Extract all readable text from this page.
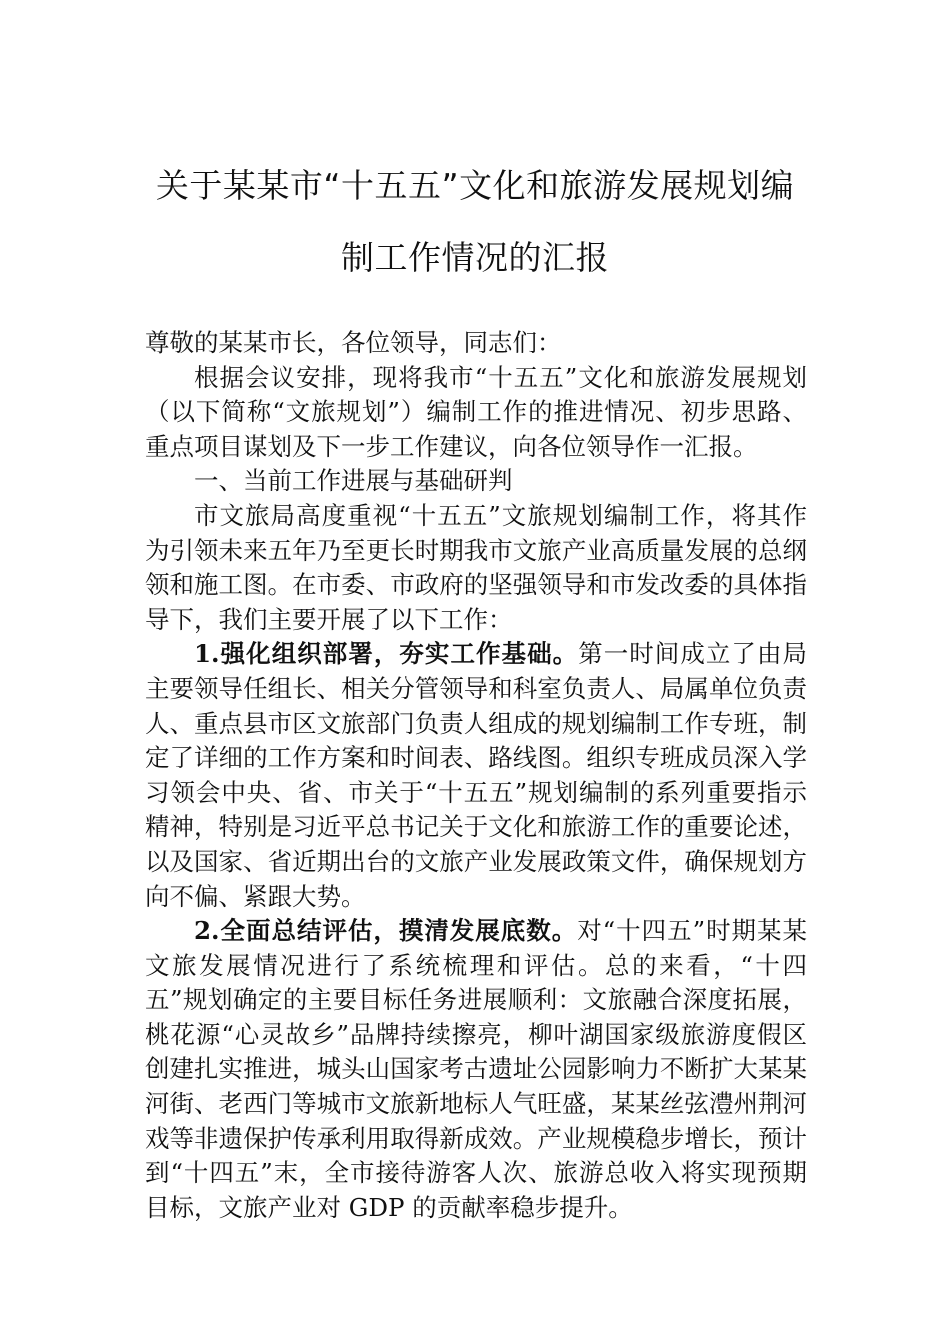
关于某某市“十五五”文化和旅游发展规划编制工作情况的汇报

尊敬的某某市长，各位领导，同志们：

根据会议安排，现将我市“十五五”文化和旅游发展规划（以下简称“文旅规划”）编制工作的推进情况、初步思路、重点项目谋划及下一步工作建议，向各位领导作一汇报。

一、当前工作进展与基础研判

市文旅局高度重视“十五五”文旅规划编制工作，将其作为引领未来五年乃至更长时期我市文旅产业高质量发展的总纲领和施工图。在市委、市政府的坚强领导和市发改委的具体指导下，我们主要开展了以下工作：

1.强化组织部署，夯实工作基础。第一时间成立了由局主要领导任组长、相关分管领导和科室负责人、局属单位负责人、重点县市区文旅部门负责人组成的规划编制工作专班，制定了详细的工作方案和时间表、路线图。组织专班成员深入学习领会中央、省、市关于“十五五”规划编制的系列重要指示精神，特别是习近平总书记关于文化和旅游工作的重要论述，以及国家、省近期出台的文旅产业发展政策文件，确保规划方向不偏、紧跟大势。

2.全面总结评估，摸清发展底数。对“十四五”时期某某文旅发展情况进行了系统梳理和评估。总的来看，“十四五”规划确定的主要目标任务进展顺利：文旅融合深度拓展，桃花源“心灵故乡”品牌持续擦亮，柳叶湖国家级旅游度假区创建扎实推进，城头山国家考古遗址公园影响力不断扩大某某河街、老西门等城市文旅新地标人气旺盛，某某丝弦澧州荆河戏等非遗保护传承利用取得新成效。产业规模稳步增长，预计到“十四五”末，全市接待游客人次、旅游总收入将实现预期目标，文旅产业对 GDP 的贡献率稳步提升。
